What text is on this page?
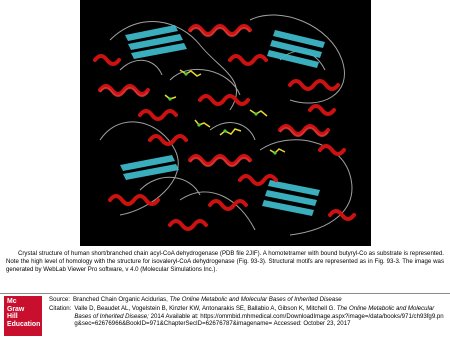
Crystal structure of human short/branched chain acyl-CoA dehydrogenase (PDB file 2JIF). A homotetramer with bound butyryl-Co as substrate is represented. Note the high level of homology with the structure for isovaleryl-CoA dehydrogenase (Fig. 93-3). Structural motifs are represented as in Fig. 93-3. The image was generated by WebLab Viewer Pro software, v 4.0 (Molecular Simulations Inc.).
Mc
Graw
Hill
Education
Source: Branched Chain Organic Acidurias, The Online Metabolic and Molecular Bases of Inherited Disease
Citation: Valle D, Beaudet AL, Vogelstein B, Kinzler KW, Antonarakis SE, Ballabio A, Gibson K, Mitchell G. The Online Metabolic and Molecular Bases of Inherited Disease; 2014 Available at: https://ommbid.mhmedical.com/DownloadImage.aspx?image=/data/books/971/ch93fg9.png&sec=62676966&BookID=971&ChapterSecID=62676787&imagename= Accessed: October 23, 2017
